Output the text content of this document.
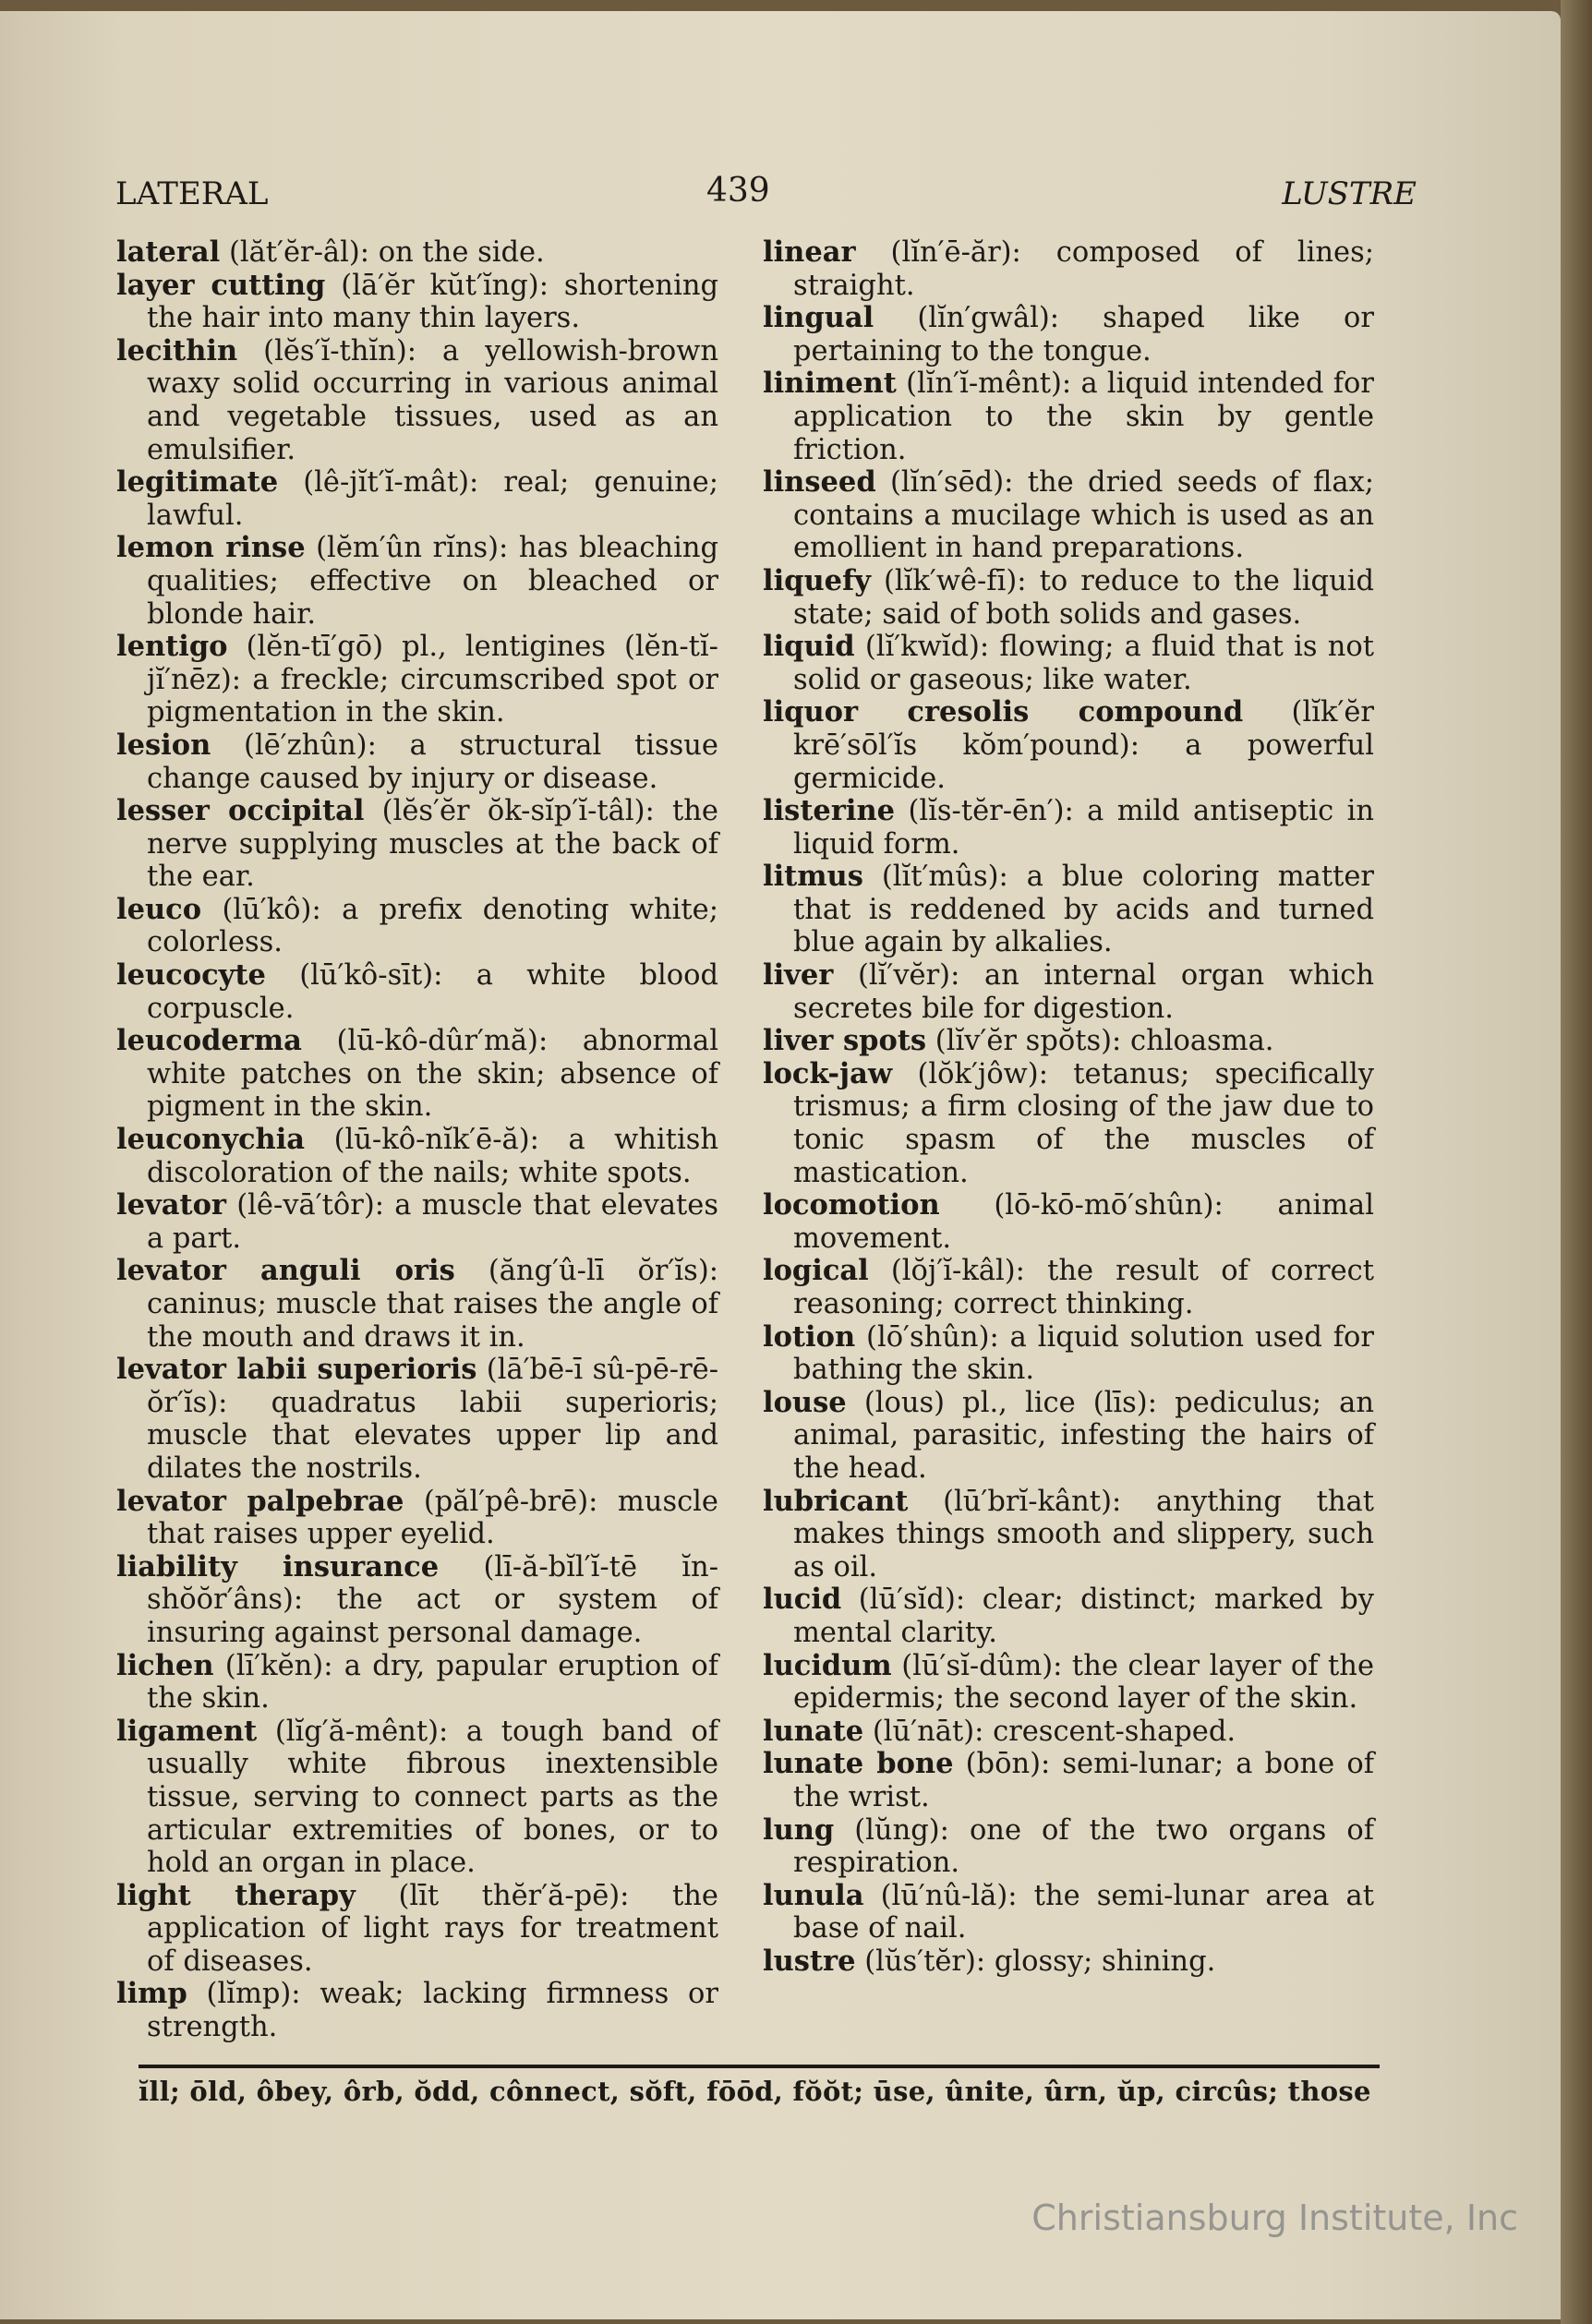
LATERAL	439	LUSTRE
lateral (lăt′ĕr-âl): on the side.
layer cutting (lā′ĕr kŭt′ĭng): shortening the hair into many thin layers.
lecithin (lĕs′ĭ-thĭn): a yellowish-brown waxy solid occurring in various animal and vegetable tissues, used as an emulsifier.
legitimate (lê-jĭt′ĭ-mât): real; genuine; lawful.
lemon rinse (lĕm′ûn rĭns): has bleaching qualities; effective on bleached or blonde hair.
lentigo (lĕn-tī′gō) pl., lentigines (lĕn-tĭ-jĭ′nēz): a freckle; circumscribed spot or pigmentation in the skin.
lesion (lē′zhûn): a structural tissue change caused by injury or disease.
lesser occipital (lĕs′ĕr ŏk-sĭp′ĭ-tâl): the nerve supplying muscles at the back of the ear.
leuco (lū′kô): a prefix denoting white; colorless.
leucocyte (lū′kô-sīt): a white blood corpuscle.
leucoderma (lū-kô-dûr′mă): abnormal white patches on the skin; absence of pigment in the skin.
leuconychia (lū-kô-nĭk′ē-ă): a whitish discoloration of the nails; white spots.
levator (lê-vā′tôr): a muscle that elevates a part.
levator anguli oris (ăng′û-lī ŏr′ĭs): caninus; muscle that raises the angle of the mouth and draws it in.
levator labii superioris (lā′bē-ī sû-pē-rē-ŏr′ĭs): quadratus labii superioris; muscle that elevates upper lip and dilates the nostrils.
levator palpebrae (păl′pê-brē): muscle that raises upper eyelid.
liability insurance (lī-ă-bĭl′ĭ-tē ĭn-shŏŏr′âns): the act or system of insuring against personal damage.
lichen (lī′kĕn): a dry, papular eruption of the skin.
ligament (lĭg′ă-mênt): a tough band of usually white fibrous inextensible tissue, serving to connect parts as the articular extremities of bones, or to hold an organ in place.
light therapy (līt thĕr′ă-pē): the application of light rays for treatment of diseases.
limp (lĭmp): weak; lacking firmness or strength.
linear (lĭn′ē-ăr): composed of lines; straight.
lingual (lĭn′gwâl): shaped like or pertaining to the tongue.
liniment (lĭn′ĭ-mênt): a liquid intended for application to the skin by gentle friction.
linseed (lĭn′sēd): the dried seeds of flax; contains a mucilage which is used as an emollient in hand preparations.
liquefy (lĭk′wê-fī): to reduce to the liquid state; said of both solids and gases.
liquid (lĭ′kwĭd): flowing; a fluid that is not solid or gaseous; like water.
liquor cresolis compound (lĭk′ĕr krē′sōl′ĭs kŏm′pound): a powerful germicide.
listerine (lĭs-tĕr-ēn′): a mild antiseptic in liquid form.
litmus (lĭt′mûs): a blue coloring matter that is reddened by acids and turned blue again by alkalies.
liver (lĭ′vĕr): an internal organ which secretes bile for digestion.
liver spots (lĭv′ĕr spŏts): chloasma.
lock-jaw (lŏk′jôw): tetanus; specifically trismus; a firm closing of the jaw due to tonic spasm of the muscles of mastication.
locomotion (lō-kō-mō′shûn): animal movement.
logical (lŏj′ĭ-kâl): the result of correct reasoning; correct thinking.
lotion (lō′shûn): a liquid solution used for bathing the skin.
louse (lous) pl., lice (līs): pediculus; an animal, parasitic, infesting the hairs of the head.
lubricant (lū′brĭ-kânt): anything that makes things smooth and slippery, such as oil.
lucid (lū′sĭd): clear; distinct; marked by mental clarity.
lucidum (lū′sĭ-dûm): the clear layer of the epidermis; the second layer of the skin.
lunate (lū′nāt): crescent-shaped.
lunate bone (bōn): semi-lunar; a bone of the wrist.
lung (lŭng): one of the two organs of respiration.
lunula (lū′nû-lă): the semi-lunar area at base of nail.
lustre (lŭs′tĕr): glossy; shining.
ĭll; ōld, ôbey, ôrb, ŏdd, cônnect, sŏft, fōōd, fŏŏt; ūse, ûnite, ûrn, ŭp, circûs; those
Christiansburg Institute, Inc
